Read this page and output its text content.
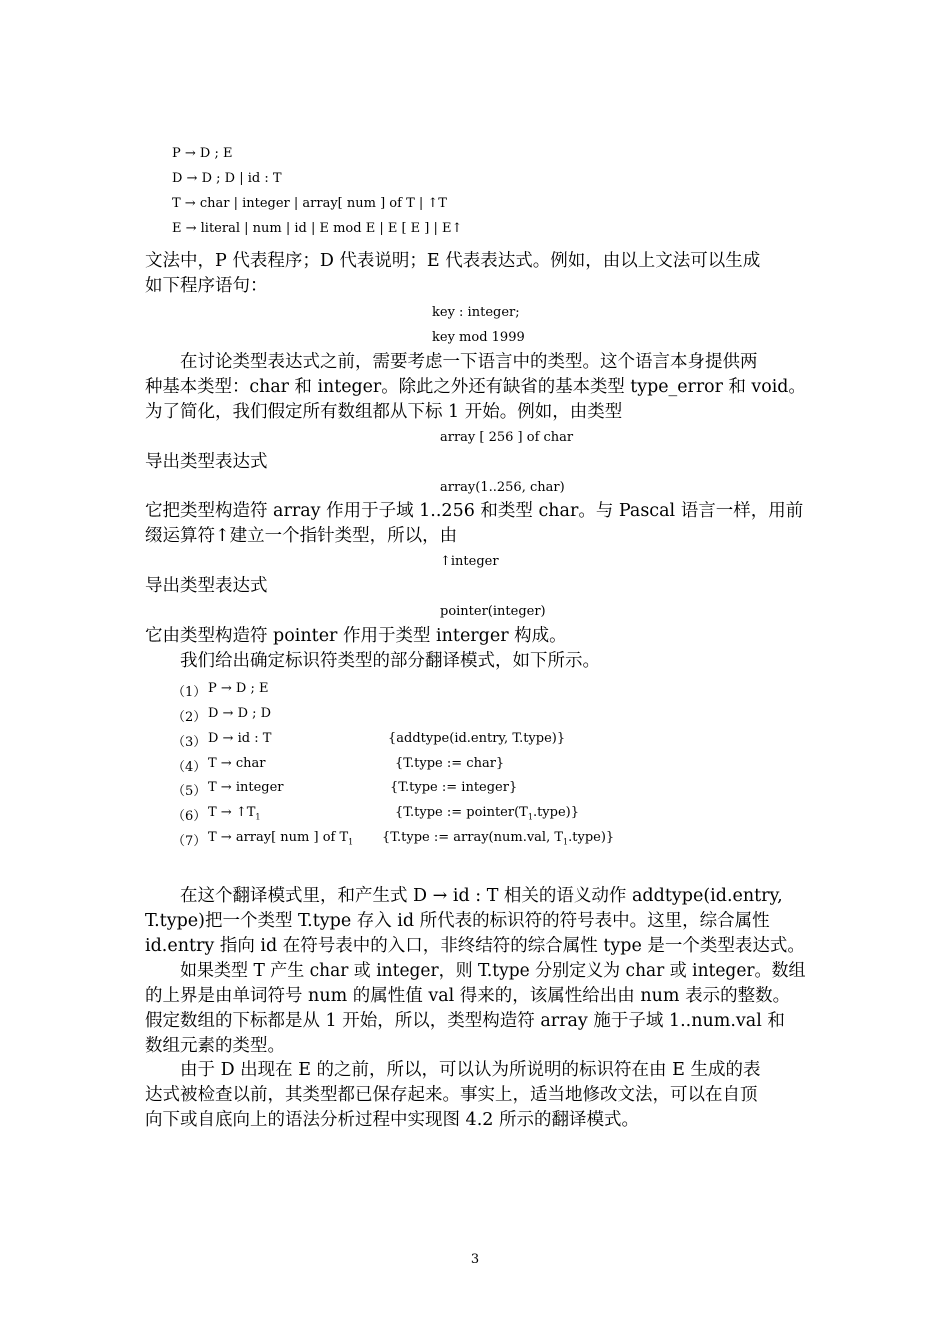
P → D ; E
D → D ; D | id : T
T → char | integer | array[ num ] of T | ↑T
E → literal | num | id | E mod E | E [ E ] | E↑
文法中，P 代表程序；D 代表说明；E 代表表达式。例如，由以上文法可以生成
如下程序语句：
key : integer;
key mod 1999
在讨论类型表达式之前，需要考虑一下语言中的类型。这个语言本身提供两
种基本类型：char 和 integer。除此之外还有缺省的基本类型 type_error 和 void。
为了简化，我们假定所有数组都从下标 1 开始。例如，由类型
array [ 256 ] of char
导出类型表达式
array(1..256, char)
它把类型构造符 array 作用于子域 1..256 和类型 char。与 Pascal 语言一样，用前
缀运算符↑建立一个指针类型，所以，由
↑integer
导出类型表达式
pointer(integer)
它由类型构造符 pointer 作用于类型 interger 构成。
我们给出确定标识符类型的部分翻译模式，如下所示。
（1） P → D ; E
（2） D → D ; D
（3） D → id : T	{addtype(id.entry, T.type)}
（4） T → char	{T.type := char}
（5） T → integer	{T.type := integer}
（6） $T \to ↑T_1$	{T.type := $pointer(T_1.type)$}
（7） T → array[ num ] of $T_1$ {T.type := array(num.val, $T_1.type$)}
在这个翻译模式里，和产生式 D → id : T 相关的语义动作 addtype(id.entry,
T.type)把一个类型 T.type 存入 id 所代表的标识符的符号表中。这里，综合属性
id.entry 指向 id 在符号表中的入口，非终结符的综合属性 type 是一个类型表达式。
如果类型 T 产生 char 或 integer，则 T.type 分别定义为 char 或 integer。数组
的上界是由单词符号 num 的属性值 val 得来的，该属性给出由 num 表示的整数。
假定数组的下标都是从 1 开始，所以，类型构造符 array 施于子域 1..num.val 和
数组元素的类型。
由于 D 出现在 E 的之前，所以，可以认为所说明的标识符在由 E 生成的表
达式被检查以前，其类型都已保存起来。事实上，适当地修改文法，可以在自顶
向下或自底向上的语法分析过程中实现图 4.2 所示的翻译模式。
3
